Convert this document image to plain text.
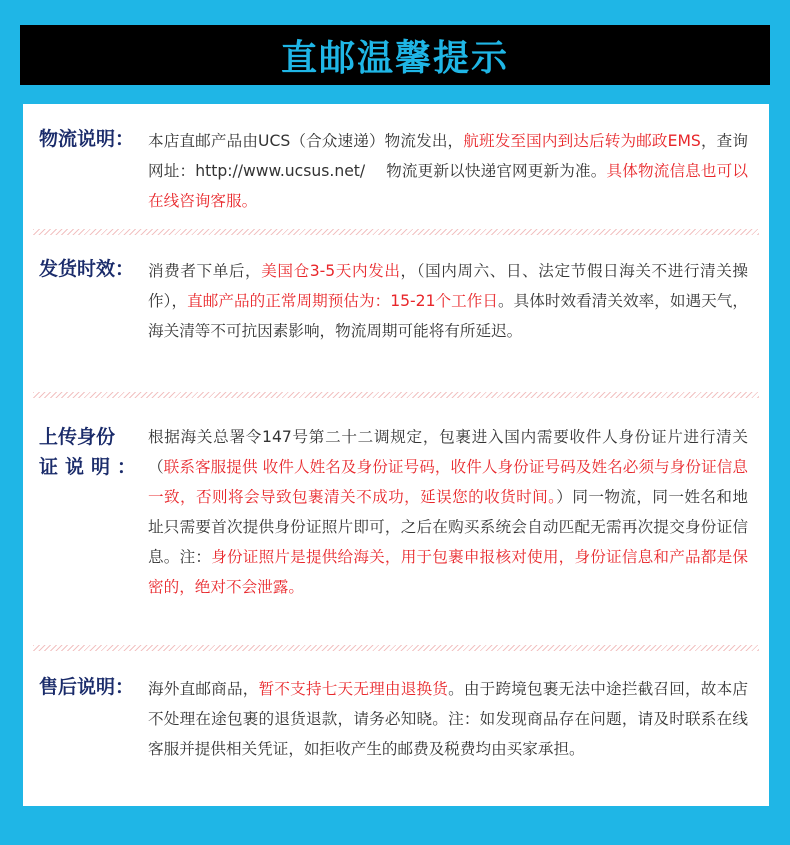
直邮温馨提示
物流说明： 本店直邮产品由UCS（合众速递）物流发出，航班发至国内到达后转为邮政EMS，查询网址：http://www.ucsus.net/　 物流更新以快递官网更新为准。具体物流信息也可以在线咨询客服。
发货时效： 消费者下单后，美国仓3-5天内发出，（国内周六、日、法定节假日海关不进行清关操作），直邮产品的正常周期预估为：15-21个工作日。具体时效看清关效率，如遇天气，海关清等不可抗因素影响，物流周期可能将有所延迟。
上传身份
证说明：
根据海关总署令147号第二十二调规定，包裹进入国内需要收件人身份证片进行清关（联系客服提供 收件人姓名及身份证号码，收件人身份证号码及姓名必须与身份证信息一致，否则将会导致包裹清关不成功，延误您的收货时间。）同一物流，同一姓名和地址只需要首次提供身份证照片即可，之后在购买系统会自动匹配无需再次提交身份证信息。注：身份证照片是提供给海关，用于包裹申报核对使用，身份证信息和产品都是保密的，绝对不会泄露。
售后说明： 海外直邮商品，暂不支持七天无理由退换货。由于跨境包裹无法中途拦截召回，故本店不处理在途包裹的退货退款，请务必知晓。注：如发现商品存在问题，请及时联系在线客服并提供相关凭证，如拒收产生的邮费及税费均由买家承担。
